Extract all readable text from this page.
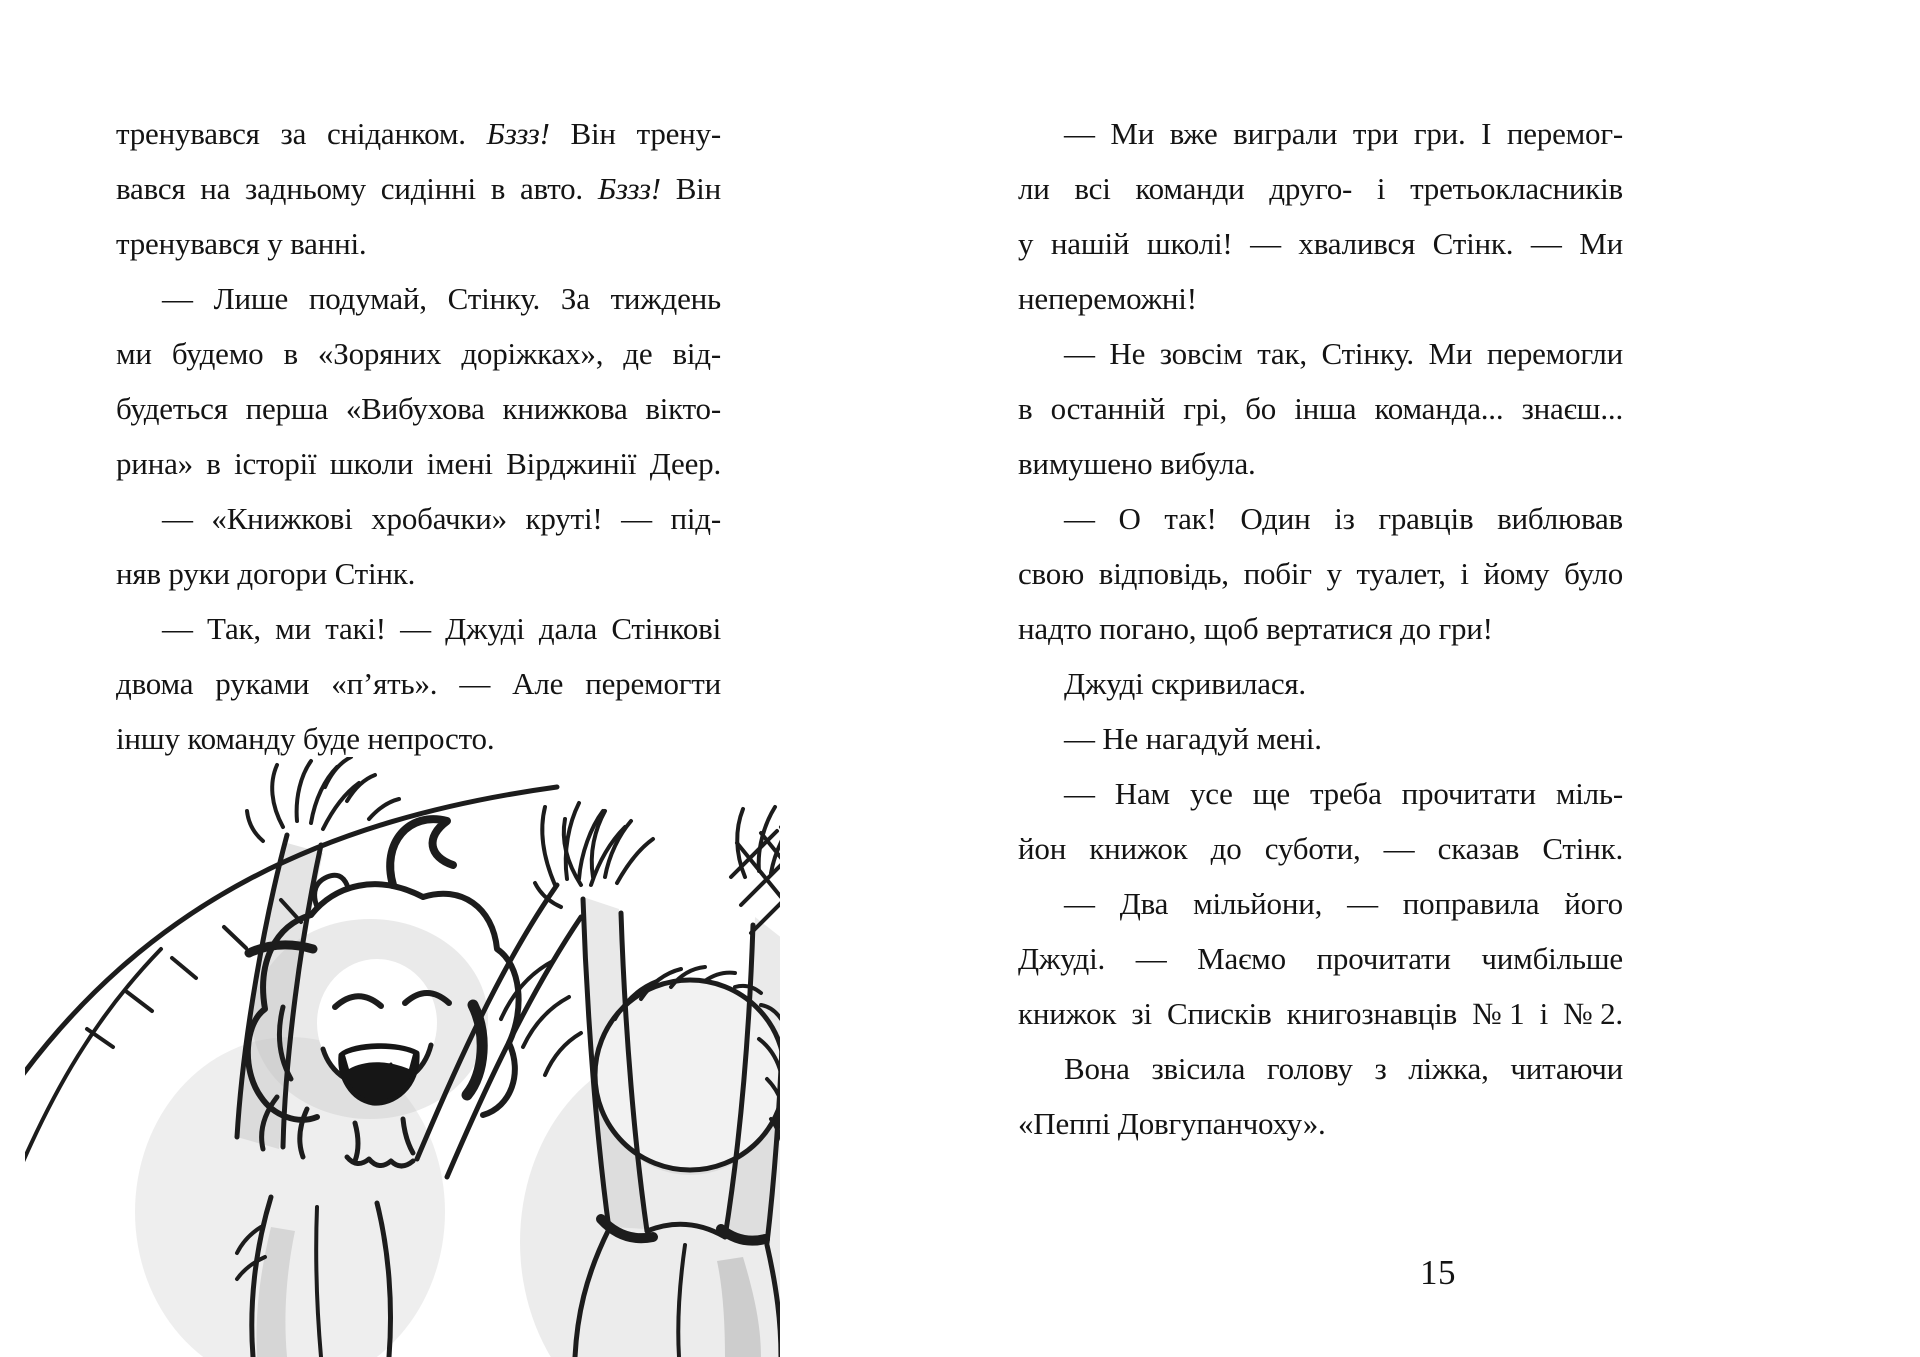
тренувався за сніданком. Бззз! Він трену-
вався на задньому сидінні в авто. Бззз! Він
тренувався у ванні.
— Лише подумай, Стінку. За тиждень
ми будемо в «Зоряних доріжках», де від-
будеться перша «Вибухова книжкова вікто-
рина» в історії школи імені Вірджинії Деер.
— «Книжкові хробачки» круті! — під-
няв руки догори Стінк.
— Так, ми такі! — Джуді дала Стінкові
двома руками «п’ять». — Але перемогти
іншу команду буде непросто.
— Ми вже виграли три гри. І перемог-
ли всі команди друго- і третьокласників
у нашій школі! — хвалився Стінк. — Ми
непереможні!
— Не зовсім так, Стінку. Ми перемогли
в останній грі, бо інша команда... знаєш...
вимушено вибула.
— О так! Один із гравців виблював
свою відповідь, побіг у туалет, і йому було
надто погано, щоб вертатися до гри!
Джуді скривилася.
— Не нагадуй мені.
— Нам усе ще треба прочитати міль-
йон книжок до суботи, — сказав Стінк.
— Два мільйони, — поправила його
Джуді. — Маємо прочитати чимбільше
книжок зі Списків книгознавців №1 і №2.
Вона звісила голову з ліжка, читаючи
«Пеппі Довгупанчоху».
15
